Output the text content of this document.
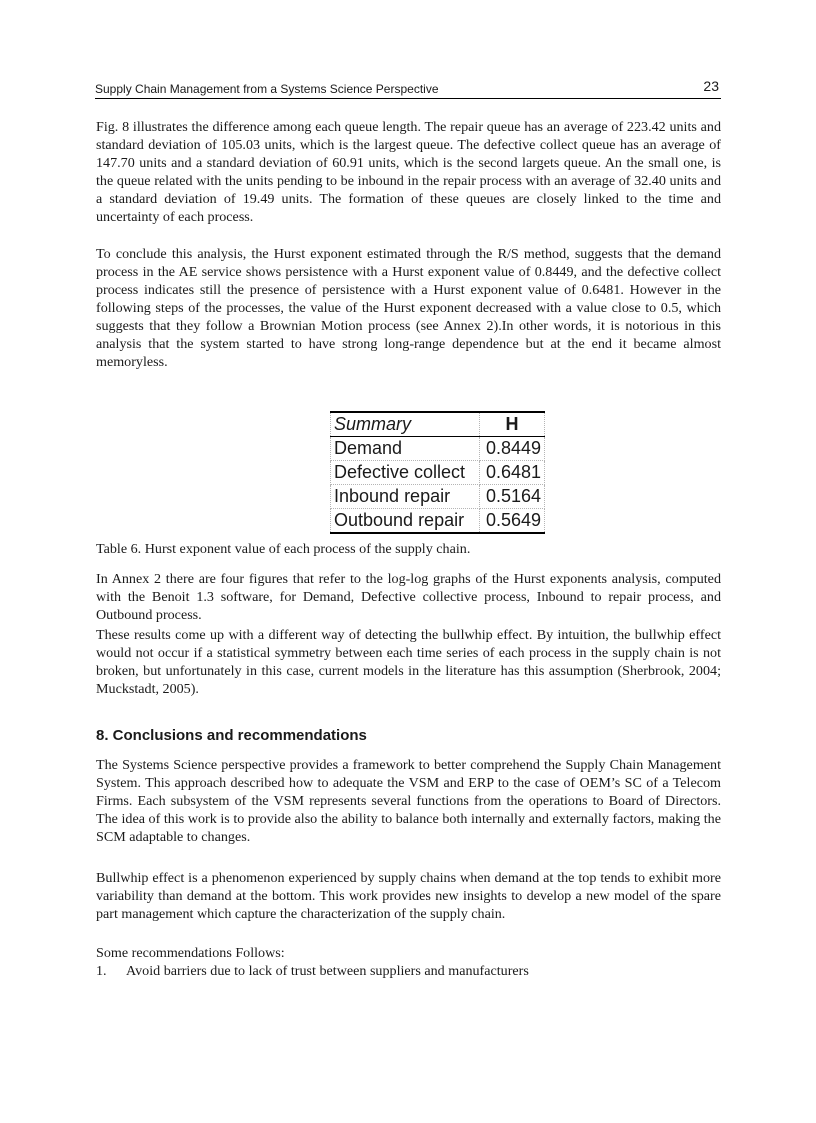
Supply Chain Management from a Systems Science Perspective	23

Fig. 8 illustrates the difference among each queue length. The repair queue has an average of 223.42 units and standard deviation of 105.03 units, which is the largest queue. The defective collect queue has an average of 147.70 units and a standard deviation of 60.91 units, which is the second largets queue. An the small one, is the queue related with the units pending to be inbound in the repair process with an average of 32.40 units and a standard deviation of 19.49 units. The formation of these queues are closely linked to the time and uncertainty of each process.

To conclude this analysis, the Hurst exponent estimated through the R/S method, suggests that the demand process in the AE service shows persistence with a Hurst exponent value of 0.8449, and the defective collect process indicates still the presence of persistence with a Hurst exponent value of 0.6481. However in the following steps of the processes, the value of the Hurst exponent decreased with a value close to 0.5, which suggests that they follow a Brownian Motion process (see Annex 2).In other words, it is notorious in this analysis that the system started to have strong long-range dependence but at the end it became almost memoryless.

Summary	H
Demand	0.8449
Defective collect	0.6481
Inbound repair	0.5164
Outbound repair	0.5649

Table 6. Hurst exponent value of each process of the supply chain.

In Annex 2 there are four figures that refer to the log-log graphs of the Hurst exponents analysis, computed with the Benoit 1.3 software, for Demand, Defective collective process, Inbound to repair process, and Outbound process.

These results come up with a different way of detecting the bullwhip effect. By intuition, the bullwhip effect would not occur if a statistical symmetry between each time series of each process in the supply chain is not broken, but unfortunately in this case, current models in the literature has this assumption (Sherbrook, 2004; Muckstadt, 2005).

8. Conclusions and recommendations

The Systems Science perspective provides a framework to better comprehend the Supply Chain Management System. This approach described how to adequate the VSM and ERP to the case of OEM’s SC of a Telecom Firms. Each subsystem of the VSM represents several functions from the operations to Board of Directors. The idea of this work is to provide also the ability to balance both internally and externally factors, making the SCM adaptable to changes.

Bullwhip effect is a phenomenon experienced by supply chains when demand at the top tends to exhibit more variability than demand at the bottom. This work provides new insights to develop a new model of the spare part management which capture the characterization of the supply chain.

Some recommendations Follows:

1. Avoid barriers due to lack of trust between suppliers and manufacturers
